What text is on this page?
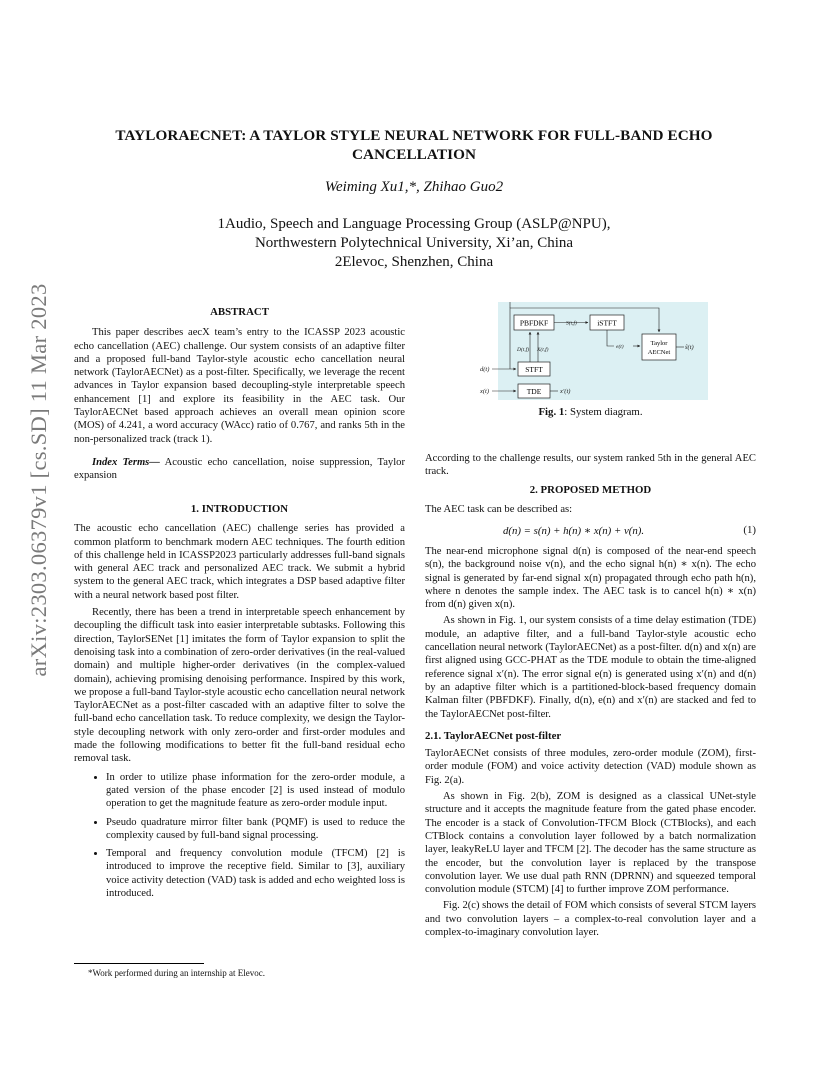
arXiv:2303.06379v1 [cs.SD] 11 Mar 2023
TAYLORAECNET: A TAYLOR STYLE NEURAL NETWORK FOR FULL-BAND ECHO CANCELLATION
Weiming Xu1,*, Zhihao Guo2
1Audio, Speech and Language Processing Group (ASLP@NPU),
Northwestern Polytechnical University, Xi’an, China
2Elevoc, Shenzhen, China
ABSTRACT

This paper describes aecX team’s entry to the ICASSP 2023 acoustic echo cancellation (AEC) challenge. Our system consists of an adaptive filter and a proposed full-band Taylor-style acoustic echo cancellation neural network (TaylorAECNet) as a post-filter. Specifically, we leverage the recent advances in Taylor expansion based decoupling-style interpretable speech enhancement [1] and explore its feasibility in the AEC task. Our TaylorAECNet based approach achieves an overall mean opinion score (MOS) of 4.241, a word accuracy (WAcc) ratio of 0.767, and ranks 5th in the non-personalized track (track 1).

Index Terms— Acoustic echo cancellation, noise suppression, Taylor expansion

1. INTRODUCTION

The acoustic echo cancellation (AEC) challenge series has provided a common platform to benchmark modern AEC techniques. The fourth edition of this challenge held in ICASSP2023 particularly addresses full-band signals with general AEC track and personalized AEC track. We submit a hybrid system to the general AEC track, which integrates a DSP based adaptive filter with a neural network based post filter.

Recently, there has been a trend in interpretable speech enhancement by decoupling the difficult task into easier interpretable subtasks. Following this direction, TaylorSENet [1] imitates the form of Taylor expansion to split the denoising task into a combination of zero-order derivatives (in the real-valued domain) and multiple higher-order derivatives (in the complex-valued domain), achieving promising denoising performance. Inspired by this work, we propose a full-band Taylor-style acoustic echo cancellation neural network TaylorAECNet as a post-filter cascaded with an adaptive filter to solve the full-band echo cancellation task. To reduce complexity, we design the Taylor-style decoupling network with only zero-order and first-order modules and made the following modifications to better fit the full-band residual echo removal task.

• In order to utilize phase information for the zero-order module, a gated version of the phase encoder [2] is used instead of modulo operation to get the magnitude feature as zero-order module input.
• Pseudo quadrature mirror filter bank (PQMF) is used to reduce the complexity caused by full-band signal processing.
• Temporal and frequency convolution module (TFCM) [2] is introduced to improve the receptive field. Similar to [3], auxiliary voice activity detection (VAD) task is added and echo weighted loss is introduced.
*Work performed during an internship at Elevoc.
PBFDKF	iSTFT
STFT
TDE
Taylor
AECNet
S(t,f)
D(t,f) X(t,f)
d(t)
x(t)	x′(t)
e(t)	ŝ(t)
Fig. 1: System diagram.

According to the challenge results, our system ranked 5th in the general AEC track.

2. PROPOSED METHOD

The AEC task can be described as:

d(n) = s(n) + h(n) ∗ x(n) + v(n).	(1)

The near-end microphone signal d(n) is composed of the near-end speech s(n), the background noise v(n), and the echo signal h(n) ∗ x(n). The echo signal is generated by far-end signal x(n) propagated through echo path h(n), where n denotes the sample index. The AEC task is to cancel h(n) ∗ x(n) from d(n) given x(n).

As shown in Fig. 1, our system consists of a time delay estimation (TDE) module, an adaptive filter, and a full-band Taylor-style acoustic echo cancellation neural network (TaylorAECNet) as a post-filter. d(n) and x(n) are first aligned using GCC-PHAT as the TDE module to obtain the time-aligned reference signal x′(n). The error signal e(n) is generated using x′(n) and d(n) by an adaptive filter which is a partitioned-block-based frequency domain Kalman filter (PBFDKF). Finally, d(n), e(n) and x′(n) are stacked and fed to the TaylorAECNet post-filter.

2.1. TaylorAECNet post-filter

TaylorAECNet consists of three modules, zero-order module (ZOM), first-order module (FOM) and voice activity detection (VAD) module shown as Fig. 2(a).

As shown in Fig. 2(b), ZOM is designed as a classical UNet-style structure and it accepts the magnitude feature from the gated phase encoder. The encoder is a stack of Convolution-TFCM Block (CTBlocks), and each CTBlock contains a convolution layer followed by a batch normalization layer, leakyReLU layer and TFCM [2]. The decoder has the same structure as the encoder, but the convolution layer is replaced by the transpose convolution layer. We use dual path RNN (DPRNN) and squeezed temporal convolution module (STCM) [4] to further improve ZOM performance.

Fig. 2(c) shows the detail of FOM which consists of several STCM layers and two convolution layers – a complex-to-real convolution layer and a complex-to-imaginary convolution layer.
